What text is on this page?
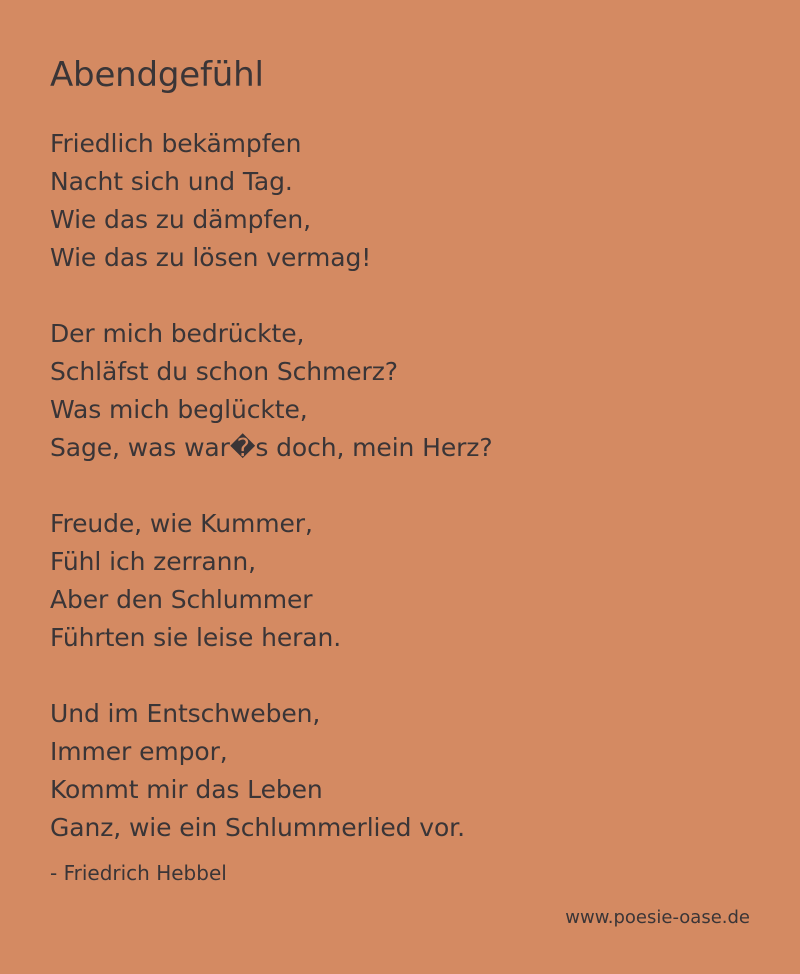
Abendgefühl
Friedlich bekämpfen
Nacht sich und Tag.
Wie das zu dämpfen,
Wie das zu lösen vermag!
Der mich bedrückte,
Schläfst du schon Schmerz?
Was mich beglückte,
Sage, was war�s doch, mein Herz?
Freude, wie Kummer,
Fühl ich zerrann,
Aber den Schlummer
Führten sie leise heran.
Und im Entschweben,
Immer empor,
Kommt mir das Leben
Ganz, wie ein Schlummerlied vor.
- Friedrich Hebbel
www.poesie-oase.de
